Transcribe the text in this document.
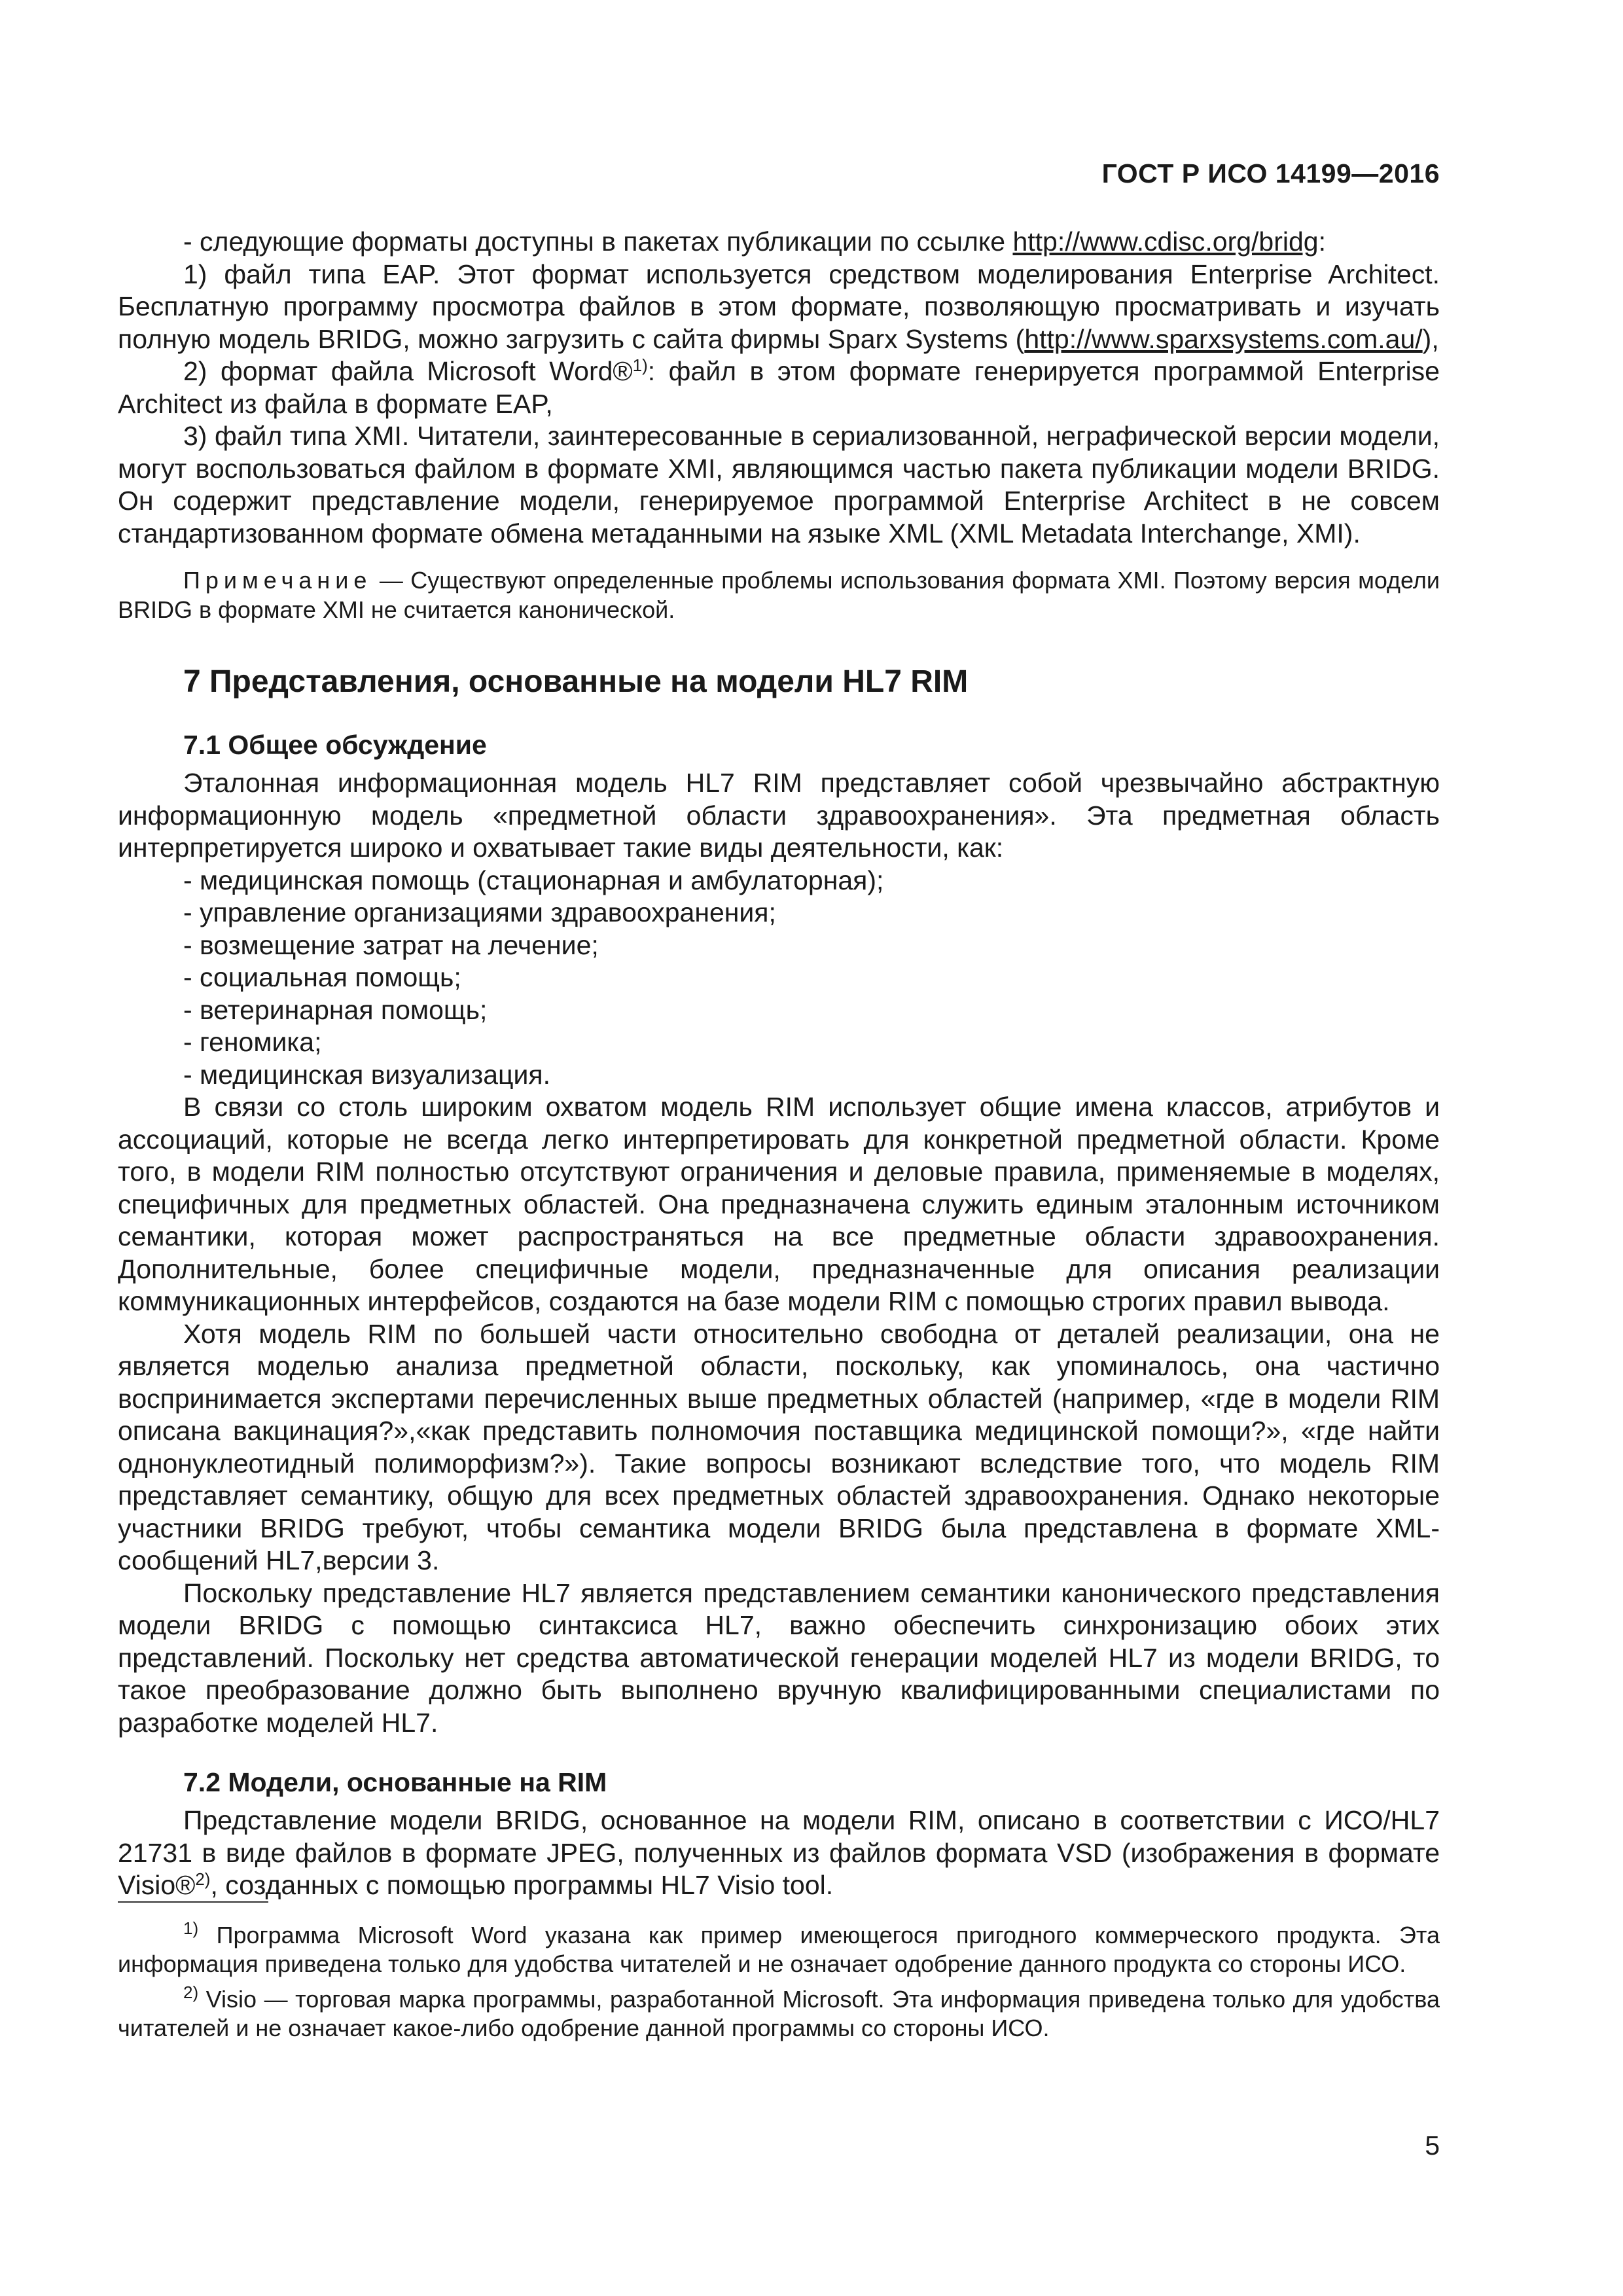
ГОСТ Р ИСО 14199—2016

- следующие форматы доступны в пакетах публикации по ссылке http://www.cdisc.org/bridg:

1) файл типа EAP. Этот формат используется средством моделирования Enterprise Architect. Бесплатную программу просмотра файлов в этом формате, позволяющую просматривать и изучать полную модель BRIDG, можно загрузить с сайта фирмы Sparx Systems (http://www.sparxsystems.com.au/),

2) формат файла Microsoft Word®$^{1)}$: файл в этом формате генерируется программой Enterprise Architect из файла в формате EAP,

3) файл типа XMI. Читатели, заинтересованные в сериализованной, неграфической версии модели, могут воспользоваться файлом в формате XMI, являющимся частью пакета публикации модели BRIDG. Он содержит представление модели, генерируемое программой Enterprise Architect в не совсем стандартизованном формате обмена метаданными на языке XML (XML Metadata Interchange, XMI).

Примечание — Существуют определенные проблемы использования формата XMI. Поэтому версия модели BRIDG в формате XMI не считается канонической.

7 Представления, основанные на модели HL7 RIM
7.1 Общее обсуждение

Эталонная информационная модель HL7 RIM представляет собой чрезвычайно абстрактную информационную модель «предметной области здравоохранения». Эта предметная область интерпретируется широко и охватывает такие виды деятельности, как:

- медицинская помощь (стационарная и амбулаторная);
- управление организациями здравоохранения;
- возмещение затрат на лечение;
- социальная помощь;
- ветеринарная помощь;
- геномика;
- медицинская визуализация.

В связи со столь широким охватом модель RIM использует общие имена классов, атрибутов и ассоциаций, которые не всегда легко интерпретировать для конкретной предметной области. Кроме того, в модели RIM полностью отсутствуют ограничения и деловые правила, применяемые в моделях, специфичных для предметных областей. Она предназначена служить единым эталонным источником семантики, которая может распространяться на все предметные области здравоохранения. Дополнительные, более специфичные модели, предназначенные для описания реализации коммуникационных интерфейсов, создаются на базе модели RIM с помощью строгих правил вывода.

Хотя модель RIM по большей части относительно свободна от деталей реализации, она не является моделью анализа предметной области, поскольку, как упоминалось, она частично воспринимается экспертами перечисленных выше предметных областей (например, «где в модели RIM описана вакцинация?»,«как представить полномочия поставщика медицинской помощи?», «где найти однонуклеотидный полиморфизм?»). Такие вопросы возникают вследствие того, что модель RIM представляет семантику, общую для всех предметных областей здравоохранения. Однако некоторые участники BRIDG требуют, чтобы семантика модели BRIDG была представлена в формате XML-сообщений HL7,версии 3.

Поскольку представление HL7 является представлением семантики канонического представления модели BRIDG с помощью синтаксиса HL7, важно обеспечить синхронизацию обоих этих представлений. Поскольку нет средства автоматической генерации моделей HL7 из модели BRIDG, то такое преобразование должно быть выполнено вручную квалифицированными специалистами по разработке моделей HL7.

7.2 Модели, основанные на RIM

Представление модели BRIDG, основанное на модели RIM, описано в соответствии с ИСО/HL7 21731 в виде файлов в формате JPEG, полученных из файлов формата VSD (изображения в формате Visio®$^{2)}$, созданных с помощью программы HL7 Visio tool.

$^{1)}$ Программа Microsoft Word указана как пример имеющегося пригодного коммерческого продукта. Эта информация приведена только для удобства читателей и не означает одобрение данного продукта со стороны ИСО.

$^{2)}$ Visio — торговая марка программы, разработанной Microsoft. Эта информация приведена только для удобства читателей и не означает какое-либо одобрение данной программы со стороны ИСО.

5
